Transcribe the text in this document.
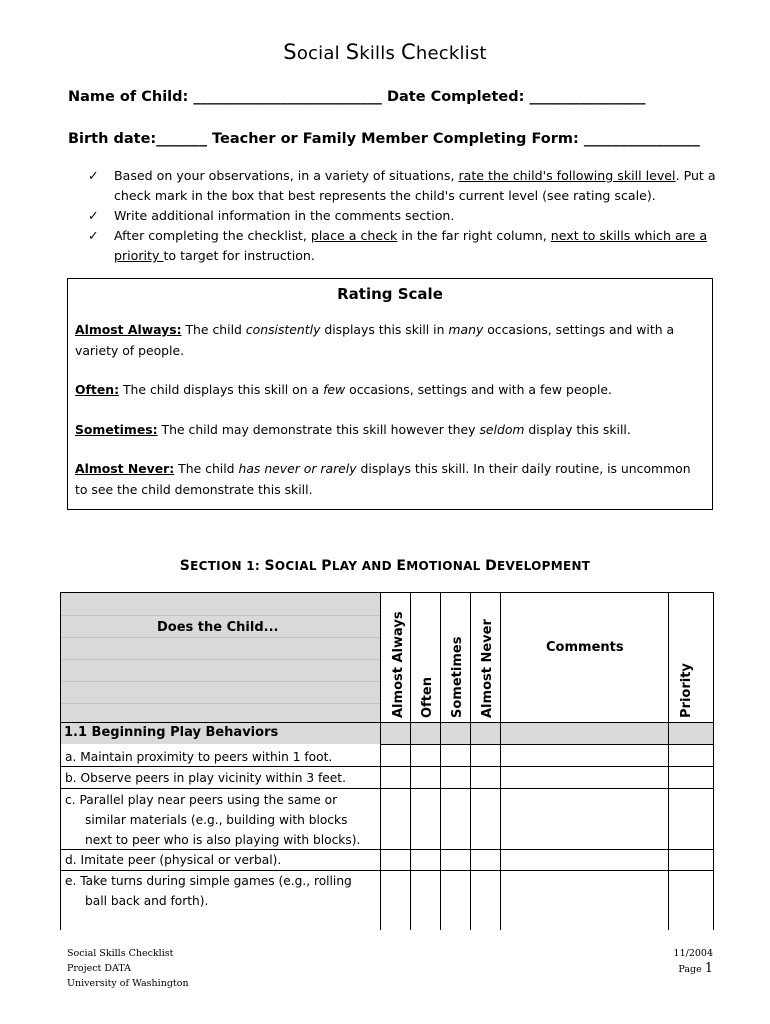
Social Skills Checklist
Name of Child: __________________________ Date Completed: ________________
Birth date:_______ Teacher or Family Member Completing Form: ________________
✓ Based on your observations, in a variety of situations, rate the child's following skill level. Put a check mark in the box that best represents the child's current level (see rating scale).
✓ Write additional information in the comments section.
✓ After completing the checklist, place a check in the far right column, next to skills which are a priority to target for instruction.
Rating Scale
Almost Always: The child consistently displays this skill in many occasions, settings and with a variety of people.
Often: The child displays this skill on a few occasions, settings and with a few people.
Sometimes: The child may demonstrate this skill however they seldom display this skill.
Almost Never: The child has never or rarely displays this skill. In their daily routine, is uncommon to see the child demonstrate this skill.
SECTION 1: SOCIAL PLAY AND EMOTIONAL DEVELOPMENT
Does the Child...
1.1 Beginning Play Behaviors
Almost Always Often Sometimes Almost Never	Comments
Priority
a. Maintain proximity to peers within 1 foot.
b. Observe peers in play vicinity within 3 feet.
c. Parallel play near peers using the same or
similar materials (e.g., building with blocks
next to peer who is also playing with blocks).
d. Imitate peer (physical or verbal).
e. Take turns during simple games (e.g., rolling
ball back and forth).
Social Skills Checklist
Project DATA
University of Washington
11/2004
Page 1
